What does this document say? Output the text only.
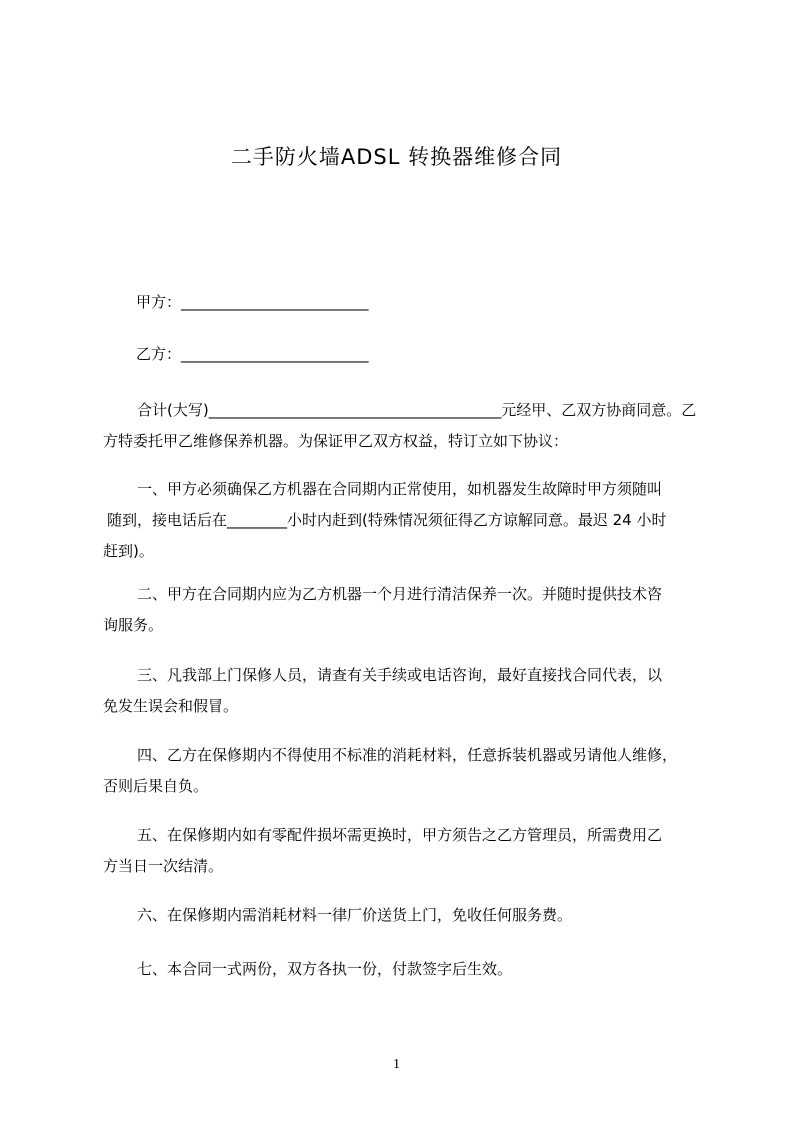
二手防火墙ADSL 转换器维修合同
甲方：_________________________
乙方：_________________________
合计(大写)_______________________________________元经甲、乙双方协商同意。乙
方特委托甲乙维修保养机器。为保证甲乙双方权益，特订立如下协议：
一、甲方必须确保乙方机器在合同期内正常使用，如机器发生故障时甲方须随叫
随到，接电话后在________小时内赶到(特殊情况须征得乙方谅解同意。最迟 24 小时
赶到)。
二、甲方在合同期内应为乙方机器一个月进行清洁保养一次。并随时提供技术咨
询服务。
三、凡我部上门保修人员，请查有关手续或电话咨询，最好直接找合同代表，以
免发生误会和假冒。
四、乙方在保修期内不得使用不标准的消耗材料，任意拆装机器或另请他人维修，
否则后果自负。
五、在保修期内如有零配件损坏需更换时，甲方须告之乙方管理员，所需费用乙
方当日一次结清。
六、在保修期内需消耗材料一律厂价送货上门，免收任何服务费。
七、本合同一式两份，双方各执一份，付款签字后生效。
1
